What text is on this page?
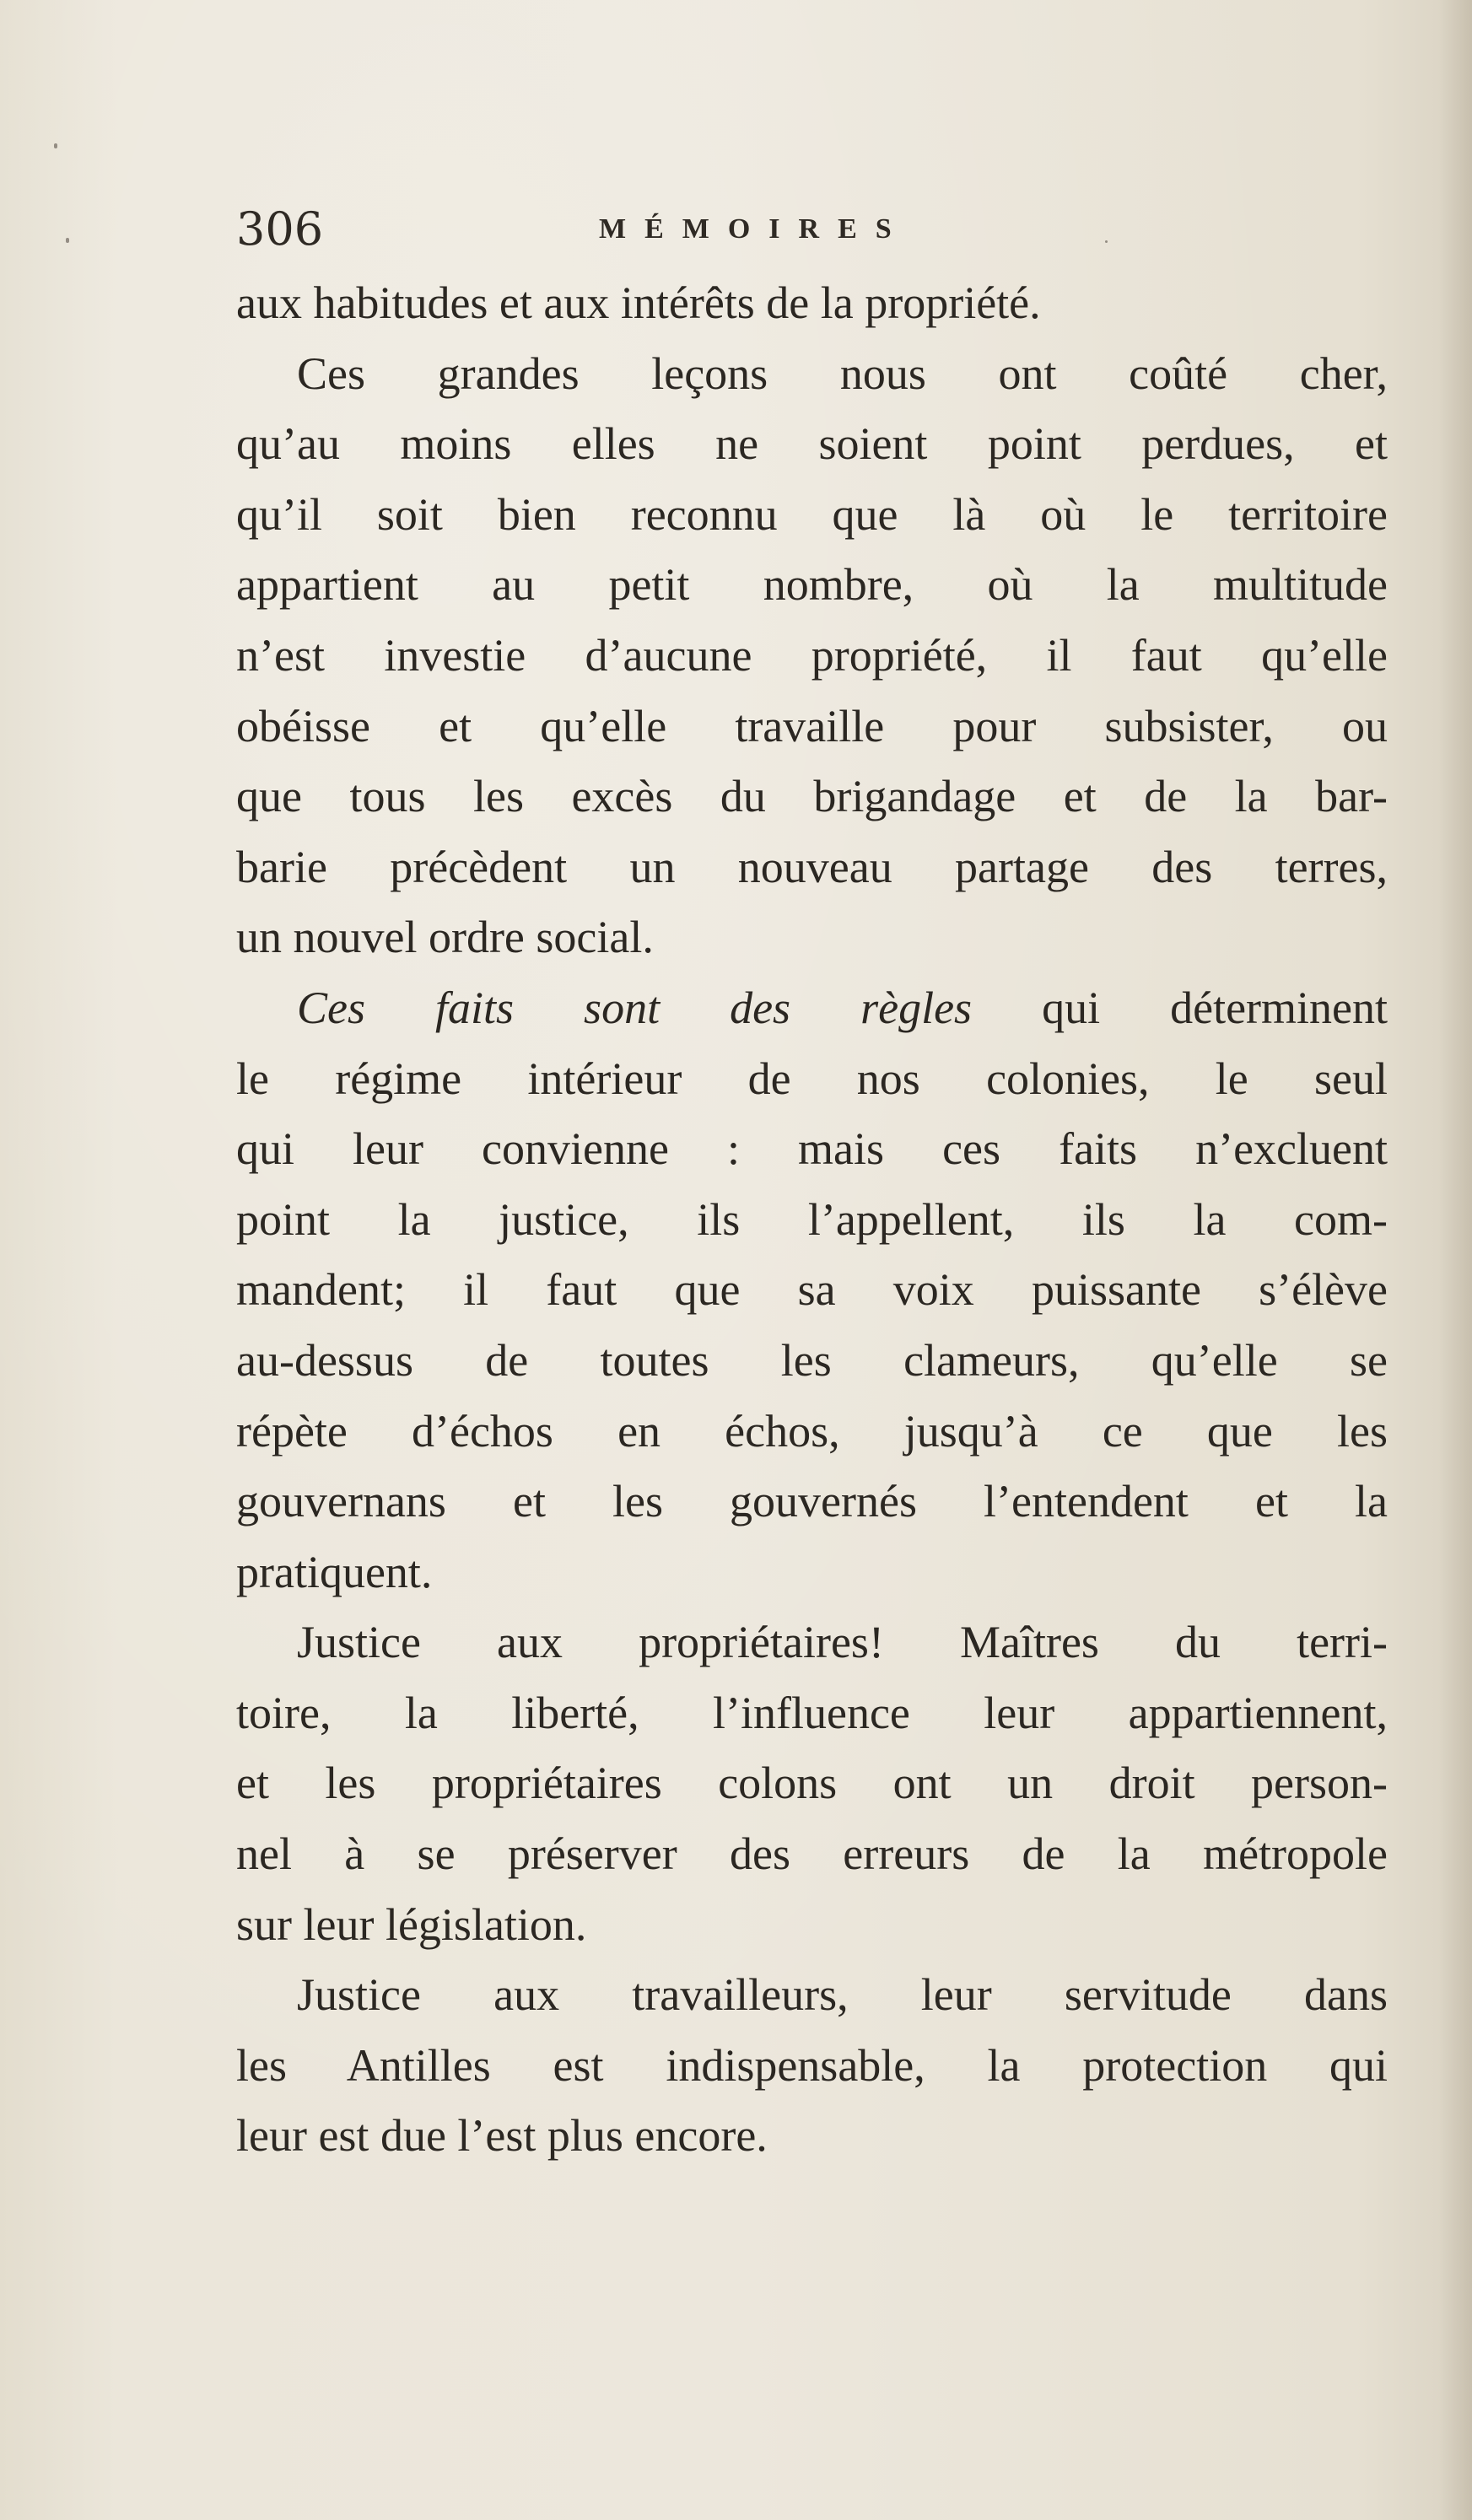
306	MÉMOIRES
aux habitudes et aux intérêts de la propriété.
Ces grandes leçons nous ont coûté cher,
qu’au moins elles ne soient point perdues, et
qu’il soit bien reconnu que là où le territoire
appartient au petit nombre, où la multitude
n’est investie d’aucune propriété, il faut qu’elle
obéisse et qu’elle travaille pour subsister, ou
que tous les excès du brigandage et de la bar-
barie précèdent un nouveau partage des terres,
un nouvel ordre social.
Ces faits sont des règles qui déterminent
le régime intérieur de nos colonies, le seul
qui leur convienne : mais ces faits n’excluent
point la justice, ils l’appellent, ils la com-
mandent; il faut que sa voix puissante s’élève
au-dessus de toutes les clameurs, qu’elle se
répète d’échos en échos, jusqu’à ce que les
gouvernans et les gouvernés l’entendent et la
pratiquent.
Justice aux propriétaires! Maîtres du terri-
toire, la liberté, l’influence leur appartiennent,
et les propriétaires colons ont un droit person-
nel à se préserver des erreurs de la métropole
sur leur législation.
Justice aux travailleurs, leur servitude dans
les Antilles est indispensable, la protection qui
leur est due l’est plus encore.
